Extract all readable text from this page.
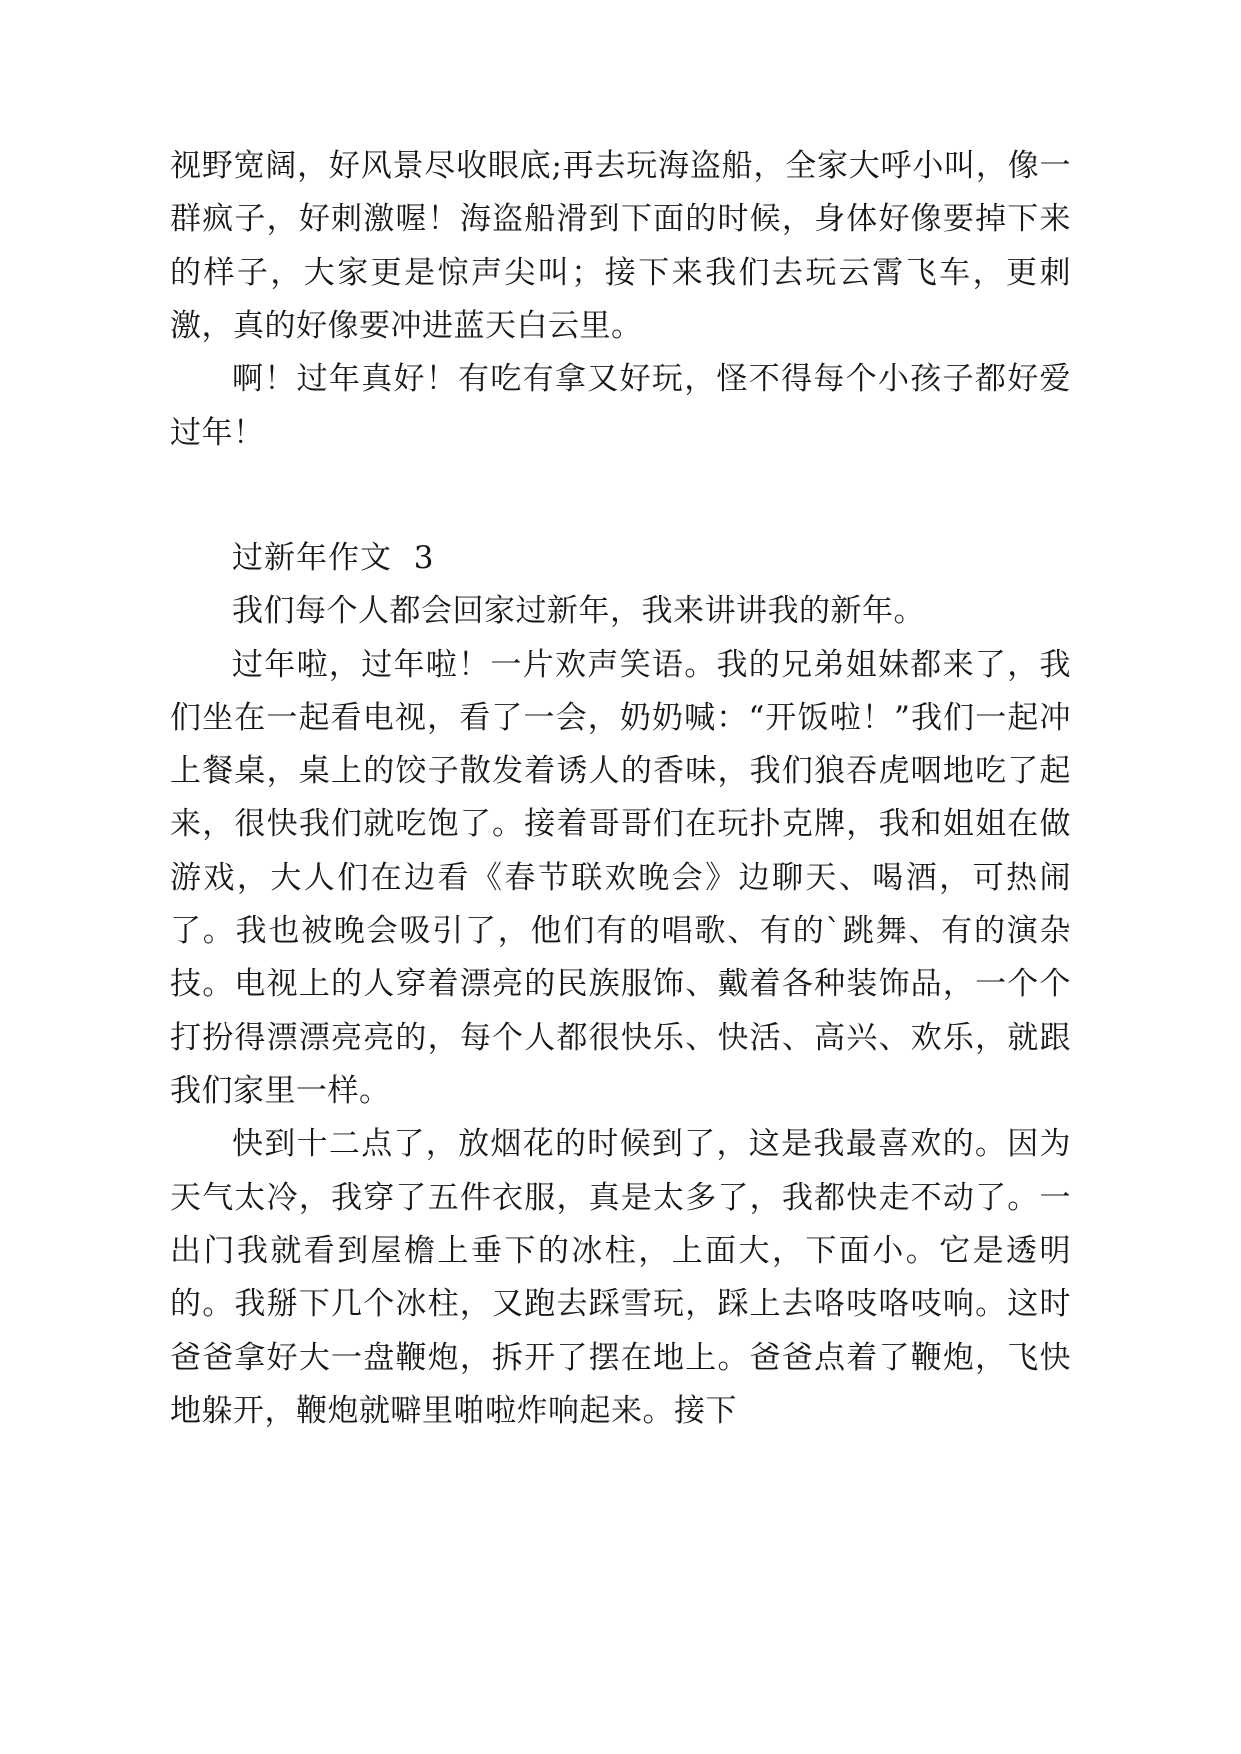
视野宽阔，好风景尽收眼底;再去玩海盗船，全家大呼小叫，像一群疯子，好刺激喔！海盗船滑到下面的时候，身体好像要掉下来的样子，大家更是惊声尖叫；接下来我们去玩云霄飞车，更刺激，真的好像要冲进蓝天白云里。

啊！过年真好！有吃有拿又好玩，怪不得每个小孩子都好爱过年！

过新年作文 3

我们每个人都会回家过新年，我来讲讲我的新年。

过年啦，过年啦！一片欢声笑语。我的兄弟姐妹都来了，我们坐在一起看电视，看了一会，奶奶喊：“开饭啦！”我们一起冲上餐桌，桌上的饺子散发着诱人的香味，我们狼吞虎咽地吃了起来，很快我们就吃饱了。接着哥哥们在玩扑克牌，我和姐姐在做游戏，大人们在边看《春节联欢晚会》边聊天、喝酒，可热闹了。我也被晚会吸引了，他们有的唱歌、有的`跳舞、有的演杂技。电视上的人穿着漂亮的民族服饰、戴着各种装饰品，一个个打扮得漂漂亮亮的，每个人都很快乐、快活、高兴、欢乐，就跟我们家里一样。

快到十二点了，放烟花的时候到了，这是我最喜欢的。因为天气太冷，我穿了五件衣服，真是太多了，我都快走不动了。一出门我就看到屋檐上垂下的冰柱，上面大，下面小。它是透明的。我掰下几个冰柱，又跑去踩雪玩，踩上去咯吱咯吱响。这时爸爸拿好大一盘鞭炮，拆开了摆在地上。爸爸点着了鞭炮，飞快地躲开，鞭炮就噼里啪啦炸响起来。接下
